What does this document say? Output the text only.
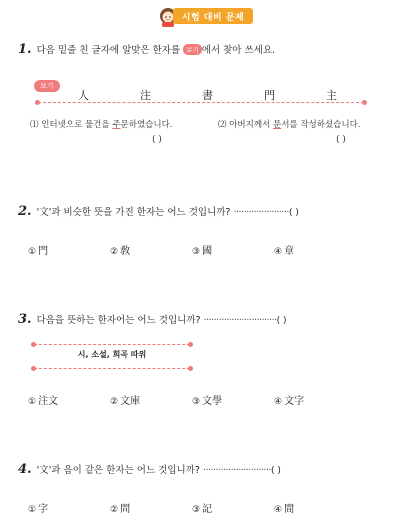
시험 대비 문제
1. 다음 밑줄 친 글자에 알맞은 한자를 보기 에서 찾아 쓰세요.
보기
人	注	書	門	主
⑴ 인터넷으로 물건을 주문하였습니다.
( )
⑵ 아버지께서 문서를 작성하셨습니다.
( )
2. '文'과 비슷한 뜻을 가진 한자는 어느 것입니까? ······················( )
① 門	② 敎	③ 國	④ 章
3. 다음을 뜻하는 한자어는 어느 것입니까? ·····························( )
시, 소설, 희곡 따위
① 注文	② 文庫	③ 文學	④ 文字
4. '文'과 음이 같은 한자는 어느 것입니까? ···························( )
① 字	② 問	③ 記	④ 間
